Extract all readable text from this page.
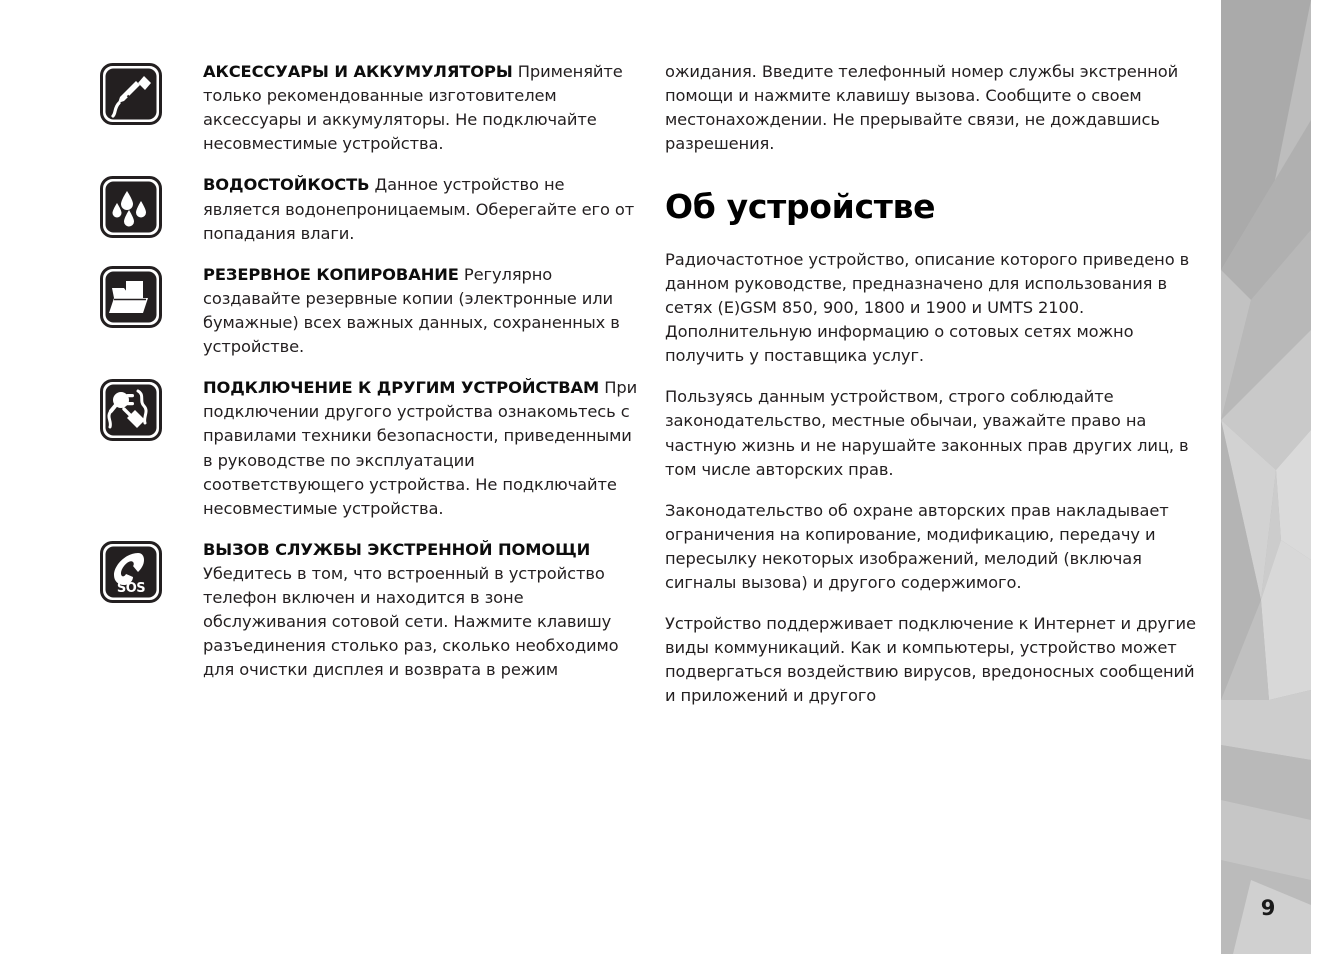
9
АКСЕССУАРЫ И АККУМУЛЯТОРЫ Применяйте только рекомендованные изготовителем аксессуары и аккумуляторы. Не подключайте несовместимые устройства.
ВОДОСТОЙКОСТЬ Данное устройство не является водонепроницаемым. Оберегайте его от попадания влаги.
РЕЗЕРВНОЕ КОПИРОВАНИЕ Регулярно создавайте резервные копии (электронные или бумажные) всех важных данных, сохраненных в устройстве.
ПОДКЛЮЧЕНИЕ К ДРУГИМ УСТРОЙСТВАМ При подключении другого устройства ознакомьтесь с правилами техники безопасности, приведенными в руководстве по эксплуатации соответствующего устройства. Не подключайте несовместимые устройства.
SOS
ВЫЗОВ СЛУЖБЫ ЭКСТРЕННОЙ ПОМОЩИ Убедитесь в том, что встроенный в устройство телефон включен и находится в зоне обслуживания сотовой сети. Нажмите клавишу разъединения столько раз, сколько необходимо для очистки дисплея и возврата в режим

ожидания. Введите телефонный номер службы экстренной помощи и нажмите клавишу вызова. Сообщите о своем местонахождении. Не прерывайте связи, не дождавшись разрешения.

Об устройстве

Радиочастотное устройство, описание которого приведено в данном руководстве, предназначено для использования в сетях (E)GSM 850, 900, 1800 и 1900 и UMTS 2100. Дополнительную информацию о сотовых сетях можно получить у поставщика услуг.

Пользуясь данным устройством, строго соблюдайте законодательство, местные обычаи, уважайте право на частную жизнь и не нарушайте законных прав других лиц, в том числе авторских прав.

Законодательство об охране авторских прав накладывает ограничения на копирование, модификацию, передачу и пересылку некоторых изображений, мелодий (включая сигналы вызова) и другого содержимого.

Устройство поддерживает подключение к Интернет и другие виды коммуникаций. Как и компьютеры, устройство может подвергаться воздействию вирусов, вредоносных сообщений и приложений и другого
